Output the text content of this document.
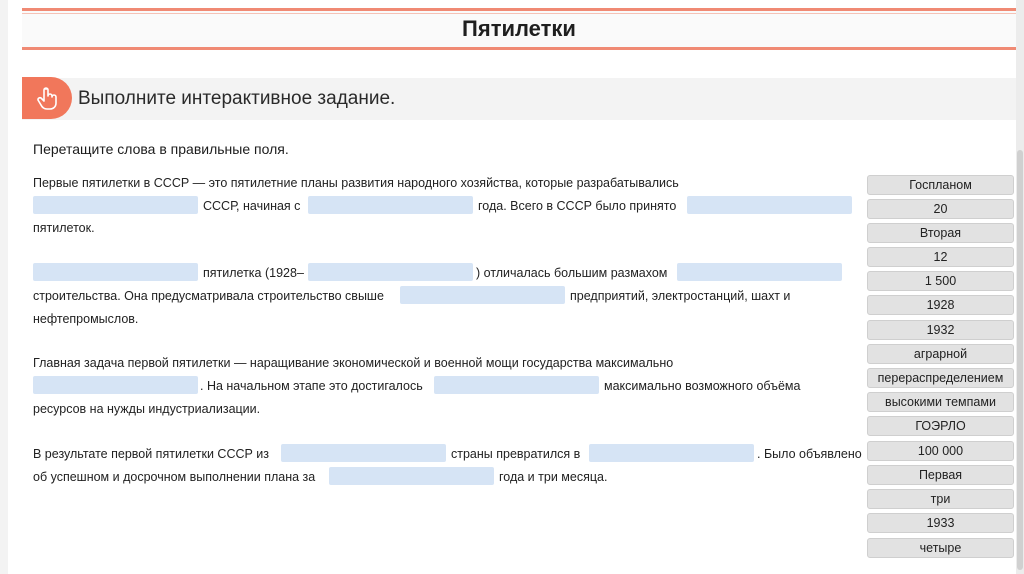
Пятилетки
Выполните интерактивное задание.
Перетащите слова в правильные поля.
Первые пятилетки в СССР — это пятилетние планы развития народного хозяйства, которые разрабатывались
СССР, начиная с	года. Всего в СССР было принято
пятилеток.
пятилетка (1928–	) отличалась большим размахом
строительства. Она предусматривала строительство свыше	предприятий, электростанций, шахт и
нефтепромыслов.
Главная задача первой пятилетки — наращивание экономической и военной мощи государства максимально
. На начальном этапе это достигалось	максимально возможного объёма
ресурсов на нужды индустриализации.
В результате первой пятилетки СССР из	страны превратился в	. Было объявлено
об успешном и досрочном выполнении плана за	года и три месяца.
Госпланом
20
Вторая
12
1 500
1928
1932
аграрной
перераспределением
высокими темпами
ГОЭРЛО
100 000
Первая
три
1933
четыре
